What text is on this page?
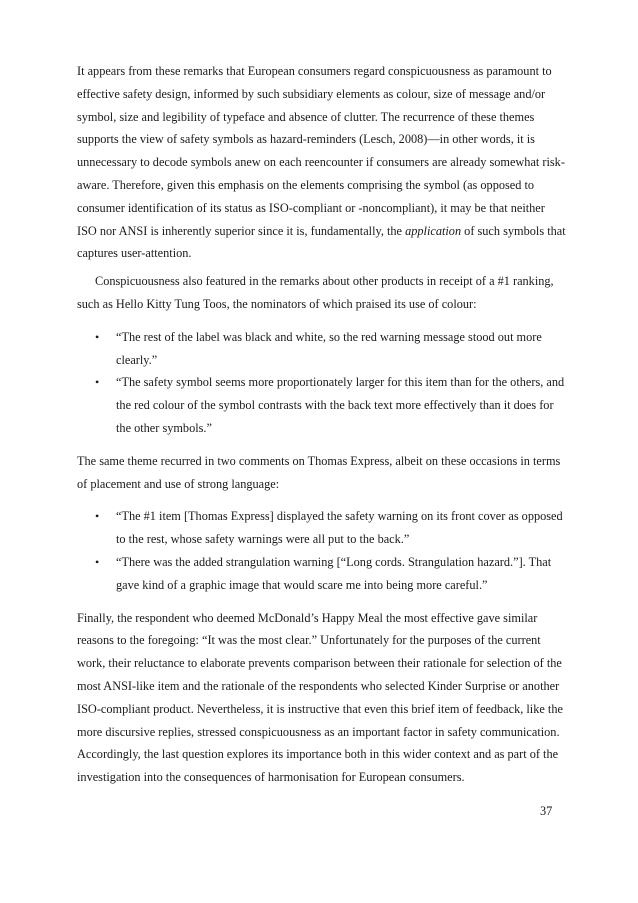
It appears from these remarks that European consumers regard conspicuousness as paramount to effective safety design, informed by such subsidiary elements as colour, size of message and/or symbol, size and legibility of typeface and absence of clutter. The recurrence of these themes supports the view of safety symbols as hazard-reminders (Lesch, 2008)—in other words, it is unnecessary to decode symbols anew on each reencounter if consumers are already somewhat risk-aware. Therefore, given this emphasis on the elements comprising the symbol (as opposed to consumer identification of its status as ISO-compliant or -noncompliant), it may be that neither ISO nor ANSI is inherently superior since it is, fundamentally, the application of such symbols that captures user-attention.

Conspicuousness also featured in the remarks about other products in receipt of a #1 ranking, such as Hello Kitty Tung Toos, the nominators of which praised its use of colour:

• “The rest of the label was black and white, so the red warning message stood out more clearly.”
• “The safety symbol seems more proportionately larger for this item than for the others, and the red colour of the symbol contrasts with the back text more effectively than it does for the other symbols.”

The same theme recurred in two comments on Thomas Express, albeit on these occasions in terms of placement and use of strong language:

• “The #1 item [Thomas Express] displayed the safety warning on its front cover as opposed to the rest, whose safety warnings were all put to the back.”
• “There was the added strangulation warning [“Long cords. Strangulation hazard.”]. That gave kind of a graphic image that would scare me into being more careful.”

Finally, the respondent who deemed McDonald’s Happy Meal the most effective gave similar reasons to the foregoing: “It was the most clear.” Unfortunately for the purposes of the current work, their reluctance to elaborate prevents comparison between their rationale for selection of the most ANSI-like item and the rationale of the respondents who selected Kinder Surprise or another ISO-compliant product. Nevertheless, it is instructive that even this brief item of feedback, like the more discursive replies, stressed conspicuousness as an important factor in safety communication. Accordingly, the last question explores its importance both in this wider context and as part of the investigation into the consequences of harmonisation for European consumers.

37
